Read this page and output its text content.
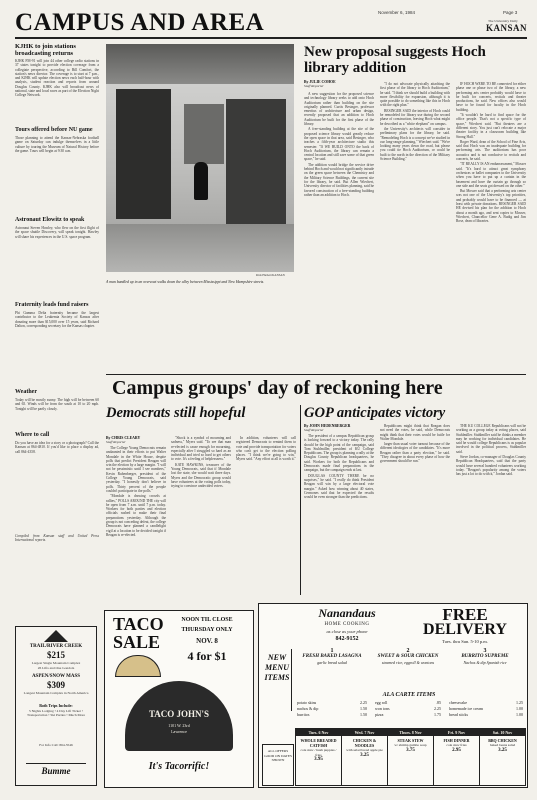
CAMPUS AND AREA	November 6, 1984	Page 3
The University Daily
KANSAN
KJHK to join stations broadcasting returns
KJHK FM-91 will join 44 other college radio stations in 37 states tonight to provide election coverage from a collegiate perspective, according to Bill Comfort, the station's news director. The coverage is to start at 7 p.m., and KJHK will update election news each half-hour with analysis, student reaction and reports from around Douglas County. KJHK also will broadcast news of national, state and local races as part of the Election Night College Network.
Tours offered before NU game
Those planning to attend the Kansas-Nebraska football game on Saturday can indulge themselves in a little culture by touring the Museum of Natural History before the game. Tours will begin at 9:30 a.m.
Astronaut Elowitz to speak
Astronaut Steven Hawley, who flew on the first flight of the space shuttle Discovery, will speak tonight. Hawley will share his experiences in the U.S. space program.
Fraternity leads fund raisers
Phi Gamma Delta fraternity became the largest contributor to the Leukemia Society of Kansas after donating more than $15,000 over 15 years, said Richard Dalton, corresponding secretary for the Kansas chapter.
Weather
Today will be mostly sunny. The high will be between 60 and 65. Winds will be from the south at 10 to 20 mph. Tonight will be partly cloudy.
Where to call
Do you have an idea for a story or a photograph? Call the Kansan at 864-4810. If you'd like to place a display ad, call 864-4358.
Compiled from Kansan staff and United Press International reports.
Rick Hiebert/KANSAN
A man bundled up in an overcoat walks down the alley between Mississippi and New Hampshire streets.
New proposal suggests Hoch library addition
By JULIE COHOE
Staff Reporter

A new suggestion for the proposed science and technology library seeks to add onto Hoch Auditorium rather than building on the site originally planned. Curtis Besinger, professor emeritus of architecture and urban design, recently proposed that an addition to Hoch Auditorium be built for the first phase of the library.

A free-standing building at the site of the proposed science library would greatly reduce the open space in that area, said Besinger, who teaches a fifth-year architecture studio this semester. "If WE BUILD ONTO the back of Hoch Auditorium, the library can remain a central location and still save some of that green space," he said.

The addition would bridge the service drive behind Hoch and would not significantly intrude on the green space between the Chemistry and the Military Science Buildings, the current site for the library, he said. But Allen Wiechert, University director of facilities planning, said he favored construction of a free-standing building rather than an addition to Hoch.

"I do not advocate physically attaching the first phase of the library to Hoch Auditorium," he said. "I think we should build a building with more flexibility for expansion, although it is quite possible to do something like this in Hoch with the right plan."

BESINGER SAID the interior of Hoch could be remodeled for library use during the second phase of construction, leaving Hoch what might be described as a "white elephant" on campus.

the University's architects will consider in preliminary plans for the library, he said. "Remodeling Hoch is a concept we've studied in our long-range planning," Wiechert said. "We're looking many years down the road, but please you could tie Hoch Auditorium, or could be built to the north in the direction of the Military Science Building."

IF HOCH WERE TO BE connected for either phase one or phase two of the library, a new performing arts center probably would have to be built for concerts, recitals and theater productions, he said. New offices also would have to be found for faculty in the Hoch building.

"It wouldn't be hard to find space for the office people. That's not a specific type of space," Wiechert said. "But theaters are a different story. You just can't relocate a major theater facility in a classroom building like Strong Hall."

Roger Ward, dean of the School of Fine Arts, said that Hoch was an inadequate building for performing arts. The auditorium has poor acoustics and is not conducive to recitals and concerts, he said.

"IT REALLY IS AN embarrassment," Mosser said. "It's hard to attract great symphony orchestras or ballet companies to the University when you have to put up a curtain in the basement and have the curtain go through so one side and the seats got dressed on the other."

But Mosser said that a performing arts center was not one of the University's top priorities, and probably would have to be financed — at least with private donations. BESINGER SAID HE devised his plan for the addition to Hoch about a month ago, and sent copies to Mosser, Wiechert, Chancellor Gene A. Budig and Jim Rose, dean of libraries.

Campus groups' day of reckoning here
Democrats still hopeful
By CHRIS CLEARY
Staff Reporter

The College Young Democrats remain undaunted in their efforts to put Walter Mondale in the White House, despite polls that predict President Reagan will win the election by a large margin. "I will not be pessimistic until I see numbers," Kevin Rubenberger, president of the College Young Democrats, said yesterday. "I honestly don't believe in polls. Thirty percent of the people couldn't participate in the polls."

"Mondale is drawing crowds at rallies," POLLS AROUND THE city will be open from 7 a.m. until 7 p.m. today. Workers for both parties and election officials rushed to make their final preparations yesterday. Although the group is not conceding defeat, the college Democrats have planned a candlelight vigil at a location to be decided tonight if Reagan is re-elected.

"Shock is a symbol of mourning and sadness," Myers said. "To see that man re-elected is cause enough for mourning, especially after I struggled so hard as an individual and tried so hard to get others to vote. It's a feeling of helplessness."

KATE HAWKINS, treasurer of the Young Democrats, said that if Mondale lost the state, she would wait three days. Myers and the Democratic group would have volunteers at the voting polls today, trying to convince undecided voters.

In addition, volunteers will call registered Democrats to remind them to vote and provide transportation for voters who can't get to the election polling places. "I think we're going to win," Myers said. "Any effort at all is worth it."

GOP anticipates victory
By JOHN HEDENBERGER
Staff Reporter

The president of a campus Republican group is looking forward to a victory today. The rally should be the high point of the campaign, said Tom Stuhlmiller, president of KU College Republicans. The group is planning a rally at the Douglas County Republican headquarters, he said. Workers for both the Republicans and Democrats made final preparations in the campaign, but the campaign ends at last.

DOUGLAS COUNTY THERE be no surprises," he said. "I really do think President Reagan will win by a large electoral vote margin." Asked how winning about 40 states, Cermones said that he expected the results would be even stronger than the predictions.

Republicans might think that Reagan does not need the votes, he said, while Democrats might think that their votes would be futile for Walter Mondale.

larger than usual voter turnout because of the different ideologies of the candidates. "It's more Reagan rather than a party election," he said. "They disagree in about every phase of how the government should be run."

THE KU COLLEGE Republicans will not be working as a group today at voting places, said Stuhlmiller. Stuhlmiller said he thinks a member may be working for individual candidates. He said he would college Republicans is as popular involved in the political process, Stuhlmiller said.

Steve Jordan, co-manager of Douglas County Republican Headquarters, said that the party would have several hundred volunteers working today. "Reagan's popularity among the voters has just a lot to do with it," Jordan said.

TRAIL/RIVER CREEK
$215
Largest Single Mountain Complex
26 Lifts and One Gondola
ASPEN/SNOW MASS
$309
Longest Mountain Complex in North America
Both Trips Include:
5 Nights Lodging • 4 Day Lift Ticket • Transportation • Ski Parties • Much More
For Info Call: 864-3546
Bumme
TACO
SALE
NOON TIL CLOSE
THURSDAY ONLY
NOV. 8
4 for $1
TACO JOHN'S
1101 W. 23rd
Lawrence
It's Tacorrific!
Nanandaus
HOME COOKING
as close as your phone
842-9152
FREE
DELIVERY
Tues. thru Sun. 5-10 p.m.
NEW MENU ITEMS
1
FRESH BAKED LASAGNA
garlic bread salad
2
SWEET & SOUR CHICKEN
steamed rice, eggroll & wontons
3
BURRITO SUPREME
Nachos & dip Spanish rice
ALA CARTE ITEMS
potato skins	2.25
nachos & dip	1.50
burritos	1.50
egg roll	.85
won tons	2.25
pizza	1.75
cheesecake	1.25
homemade ice cream	1.00
bread sticks	1.00
ALL OFFERS GOOD ON DATES SHOWN
Tues. 6 Nov
WHOLE BREADED CATFISH
cole slaw / hush puppies / fries
3.95
Wed. 7 Nov
CHICKEN & NOODLES
with salad bread apple pie
3.25
Thurs. 8 Nov
STEAK STEW
w/ shrimp gumbo soup
3.75
Fri. 9 Nov
FISH DINNER
cole slaw fries
2.95
Sat. 10 Nov
BBQ CHICKEN
baked beans salad
3.25
